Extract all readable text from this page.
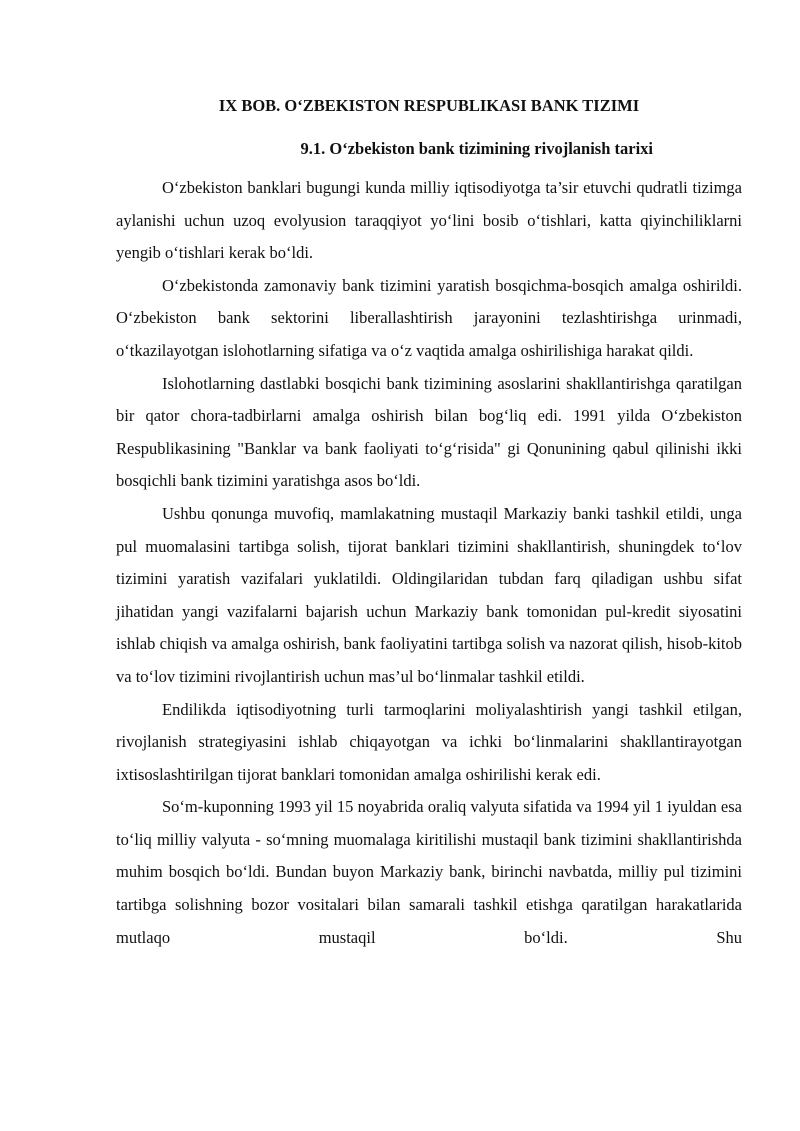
IX BOB. O‘ZBEKISTON RESPUBLIKASI BANK TIZIMI
9.1. O‘zbekiston bank tizimining rivojlanish tarixi

O‘zbekiston banklari bugungi kunda milliy iqtisodiyotga ta’sir etuvchi qudratli tizimga aylanishi uchun uzoq evolyusion taraqqiyot yo‘lini bosib o‘tishlari, katta qiyinchiliklarni yengib o‘tishlari kerak bo‘ldi.

O‘zbekistonda zamonaviy bank tizimini yaratish bosqichma-bosqich amalga oshirildi. O‘zbekiston bank sektorini liberallashtirish jarayonini tezlashtirishga urinmadi, o‘tkazilayotgan islohotlarning sifatiga va o‘z vaqtida amalga oshirilishiga harakat qildi.

Islohotlarning dastlabki bosqichi bank tizimining asoslarini shakllantirishga qaratilgan bir qator chora-tadbirlarni amalga oshirish bilan bog‘liq edi. 1991 yilda O‘zbekiston Respublikasining "Banklar va bank faoliyati to‘g‘risida" gi Qonunining qabul qilinishi ikki bosqichli bank tizimini yaratishga asos bo‘ldi.

Ushbu qonunga muvofiq, mamlakatning mustaqil Markaziy banki tashkil etildi, unga pul muomalasini tartibga solish, tijorat banklari tizimini shakllantirish, shuningdek to‘lov tizimini yaratish vazifalari yuklatildi. Oldingilaridan tubdan farq qiladigan ushbu sifat jihatidan yangi vazifalarni bajarish uchun Markaziy bank tomonidan pul-kredit siyosatini ishlab chiqish va amalga oshirish, bank faoliyatini tartibga solish va nazorat qilish, hisob-kitob va to‘lov tizimini rivojlantirish uchun mas’ul bo‘linmalar tashkil etildi.

Endilikda iqtisodiyotning turli tarmoqlarini moliyalashtirish yangi tashkil etilgan, rivojlanish strategiyasini ishlab chiqayotgan va ichki bo‘linmalarini shakllantirayotgan ixtisoslashtirilgan tijorat banklari tomonidan amalga oshirilishi kerak edi.

So‘m-kuponning 1993 yil 15 noyabrida oraliq valyuta sifatida va 1994 yil 1 iyuldan esa to‘liq milliy valyuta - so‘mning muomalaga kiritilishi mustaqil bank tizimini shakllantirishda muhim bosqich bo‘ldi. Bundan buyon Markaziy bank, birinchi navbatda, milliy pul tizimini tartibga solishning bozor vositalari bilan samarali tashkil etishga qaratilgan harakatlarida mutlaqo mustaqil bo‘ldi. Shu
